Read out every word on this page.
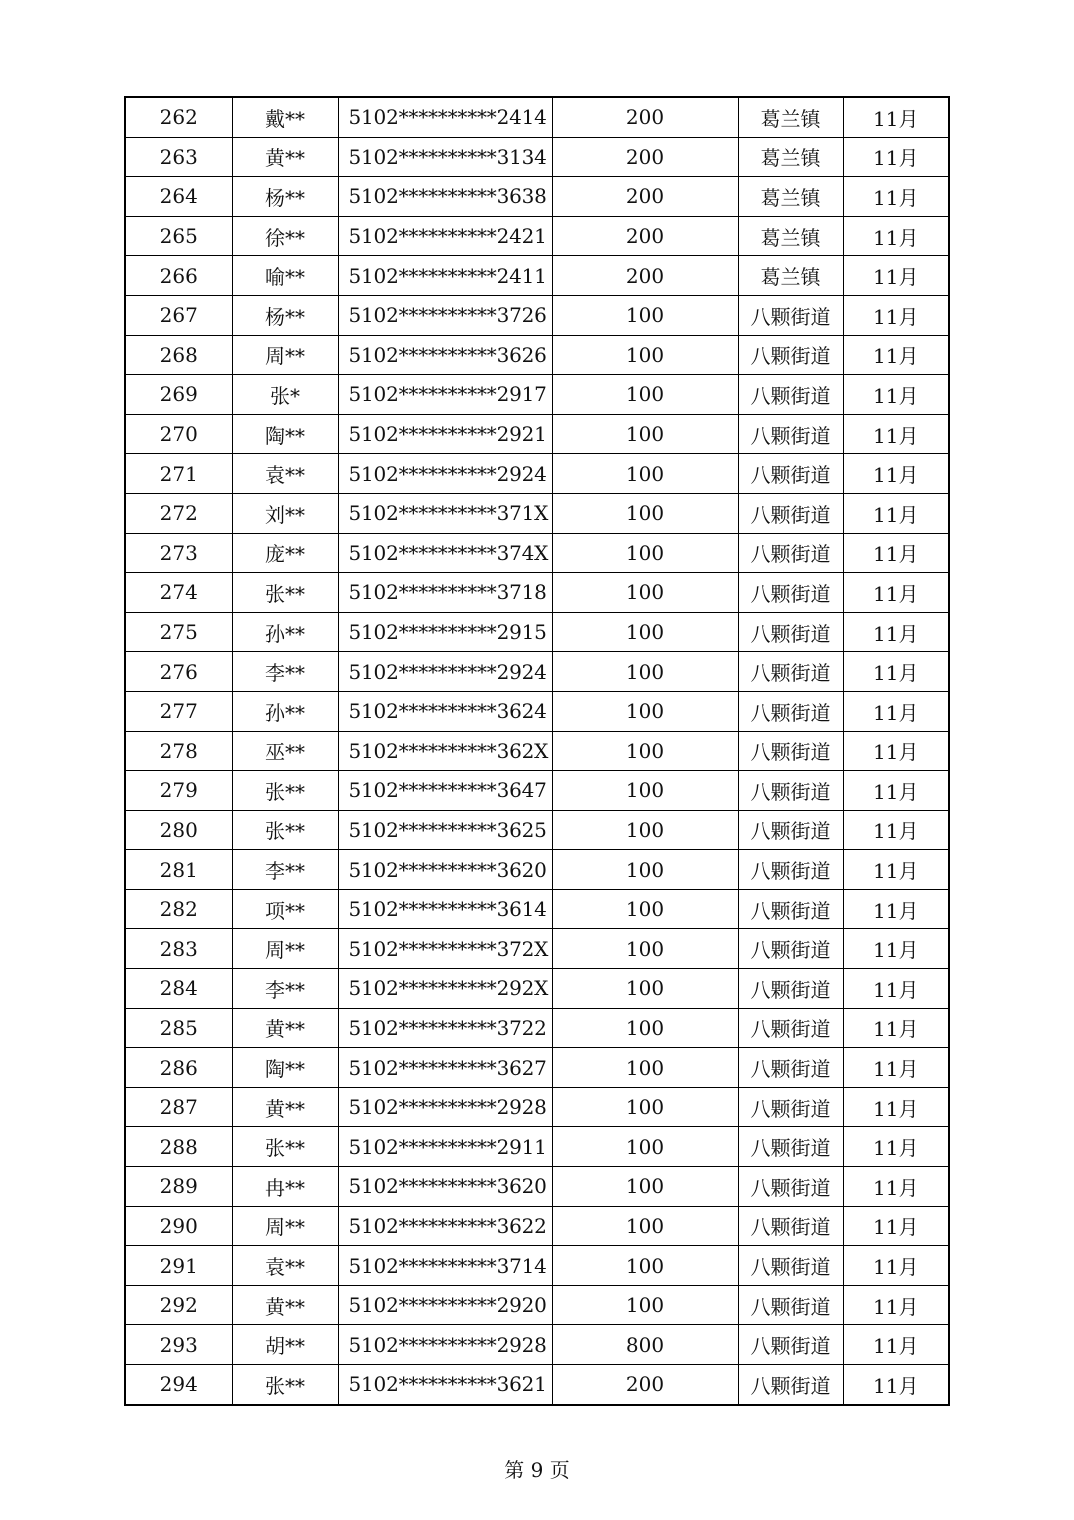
262	戴**	5102**********2414	200	葛兰镇	11月
263	黄**	5102**********3134	200	葛兰镇	11月
264	杨**	5102**********3638	200	葛兰镇	11月
265	徐**	5102**********2421	200	葛兰镇	11月
266	喻**	5102**********2411	200	葛兰镇	11月
267	杨**	5102**********3726	100	八颗街道	11月
268	周**	5102**********3626	100	八颗街道	11月
269	张*	5102**********2917	100	八颗街道	11月
270	陶**	5102**********2921	100	八颗街道	11月
271	袁**	5102**********2924	100	八颗街道	11月
272	刘**	5102**********371X	100	八颗街道	11月
273	庞**	5102**********374X	100	八颗街道	11月
274	张**	5102**********3718	100	八颗街道	11月
275	孙**	5102**********2915	100	八颗街道	11月
276	李**	5102**********2924	100	八颗街道	11月
277	孙**	5102**********3624	100	八颗街道	11月
278	巫**	5102**********362X	100	八颗街道	11月
279	张**	5102**********3647	100	八颗街道	11月
280	张**	5102**********3625	100	八颗街道	11月
281	李**	5102**********3620	100	八颗街道	11月
282	项**	5102**********3614	100	八颗街道	11月
283	周**	5102**********372X	100	八颗街道	11月
284	李**	5102**********292X	100	八颗街道	11月
285	黄**	5102**********3722	100	八颗街道	11月
286	陶**	5102**********3627	100	八颗街道	11月
287	黄**	5102**********2928	100	八颗街道	11月
288	张**	5102**********2911	100	八颗街道	11月
289	冉**	5102**********3620	100	八颗街道	11月
290	周**	5102**********3622	100	八颗街道	11月
291	袁**	5102**********3714	100	八颗街道	11月
292	黄**	5102**********2920	100	八颗街道	11月
293	胡**	5102**********2928	800	八颗街道	11月
294	张**	5102**********3621	200	八颗街道	11月
第 9 页
